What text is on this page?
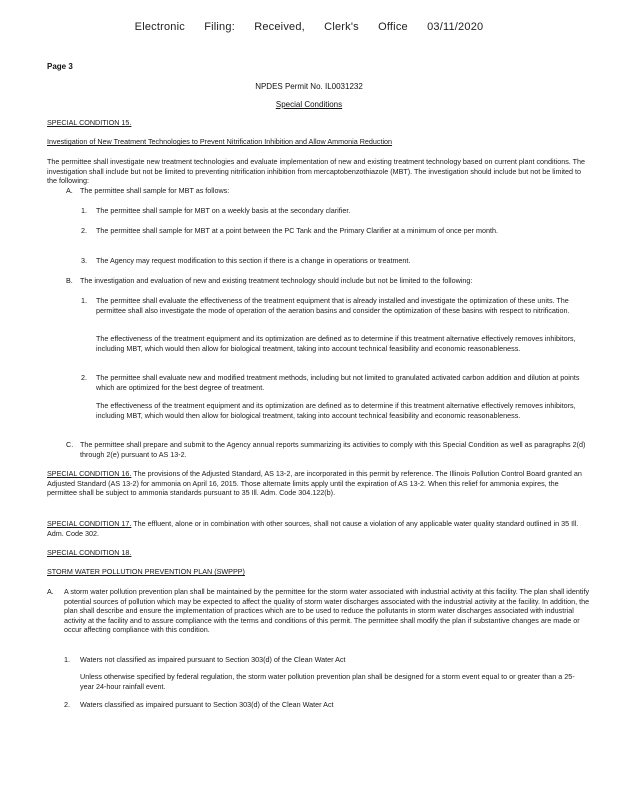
Electronic Filing: Received, Clerk's Office 03/11/2020
Page 3
NPDES Permit No. IL0031232
Special Conditions
SPECIAL CONDITION 15.
Investigation of New Treatment Technologies to Prevent Nitrification Inhibition and Allow Ammonia Reduction
The permittee shall investigate new treatment technologies and evaluate implementation of new and existing treatment technology based on current plant conditions. The investigation shall include but not be limited to preventing nitrification inhibition from mercaptobenzothiazole (MBT). The investigation should include but not be limited to the following:
A. The permittee shall sample for MBT as follows:
1. The permittee shall sample for MBT on a weekly basis at the secondary clarifier.
2. The permittee shall sample for MBT at a point between the PC Tank and the Primary Clarifier at a minimum of once per month.
3. The Agency may request modification to this section if there is a change in operations or treatment.
B. The investigation and evaluation of new and existing treatment technology should include but not be limited to the following:
1. The permittee shall evaluate the effectiveness of the treatment equipment that is already installed and investigate the optimization of these units. The permittee shall also investigate the mode of operation of the aeration basins and consider the optimization of these basins with respect to nitrification.
The effectiveness of the treatment equipment and its optimization are defined as to determine if this treatment alternative effectively removes inhibitors, including MBT, which would then allow for biological treatment, taking into account technical feasibility and economic reasonableness.
2. The permittee shall evaluate new and modified treatment methods, including but not limited to granulated activated carbon addition and dilution at points which are optimized for the best degree of treatment.
The effectiveness of the treatment equipment and its optimization are defined as to determine if this treatment alternative effectively removes inhibitors, including MBT, which would then allow for biological treatment, taking into account technical feasibility and economic reasonableness.
C. The permittee shall prepare and submit to the Agency annual reports summarizing its activities to comply with this Special Condition as well as paragraphs 2(d) through 2(e) pursuant to AS 13-2.
SPECIAL CONDITION 16. The provisions of the Adjusted Standard, AS 13-2, are incorporated in this permit by reference. The Illinois Pollution Control Board granted an Adjusted Standard (AS 13-2) for ammonia on April 16, 2015. Those alternate limits apply until the expiration of AS 13-2. When this relief for ammonia expires, the permittee shall be subject to ammonia standards pursuant to 35 Ill. Adm. Code 304.122(b).
SPECIAL CONDITION 17. The effluent, alone or in combination with other sources, shall not cause a violation of any applicable water quality standard outlined in 35 Ill. Adm. Code 302.
SPECIAL CONDITION 18.
STORM WATER POLLUTION PREVENTION PLAN (SWPPP)
A. A storm water pollution prevention plan shall be maintained by the permittee for the storm water associated with industrial activity at this facility. The plan shall identify potential sources of pollution which may be expected to affect the quality of storm water discharges associated with the industrial activity at the facility. In addition, the plan shall describe and ensure the implementation of practices which are to be used to reduce the pollutants in storm water discharges associated with industrial activity at the facility and to assure compliance with the terms and conditions of this permit. The permittee shall modify the plan if substantive changes are made or occur affecting compliance with this condition.
1. Waters not classified as impaired pursuant to Section 303(d) of the Clean Water Act
Unless otherwise specified by federal regulation, the storm water pollution prevention plan shall be designed for a storm event equal to or greater than a 25-year 24-hour rainfall event.
2. Waters classified as impaired pursuant to Section 303(d) of the Clean Water Act
